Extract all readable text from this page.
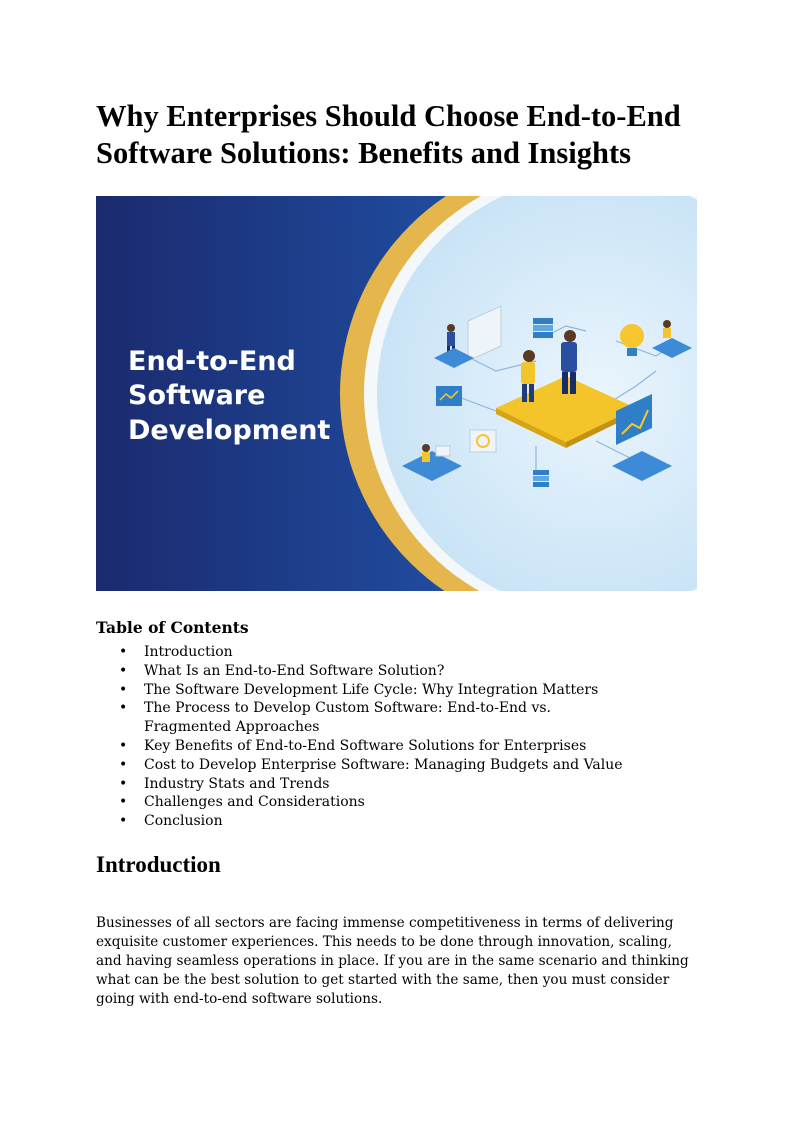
Why Enterprises Should Choose End-to-End Software Solutions: Benefits and Insights
End-to-End
Software
Development
Table of Contents
• Introduction
• What Is an End-to-End Software Solution?
• The Software Development Life Cycle: Why Integration Matters
• The Process to Develop Custom Software: End-to-End vs. Fragmented Approaches
• Key Benefits of End-to-End Software Solutions for Enterprises
• Cost to Develop Enterprise Software: Managing Budgets and Value
• Industry Stats and Trends
• Challenges and Considerations
• Conclusion
Introduction

Businesses of all sectors are facing immense competitiveness in terms of delivering exquisite customer experiences. This needs to be done through innovation, scaling, and having seamless operations in place. If you are in the same scenario and thinking what can be the best solution to get started with the same, then you must consider going with end-to-end software solutions.
